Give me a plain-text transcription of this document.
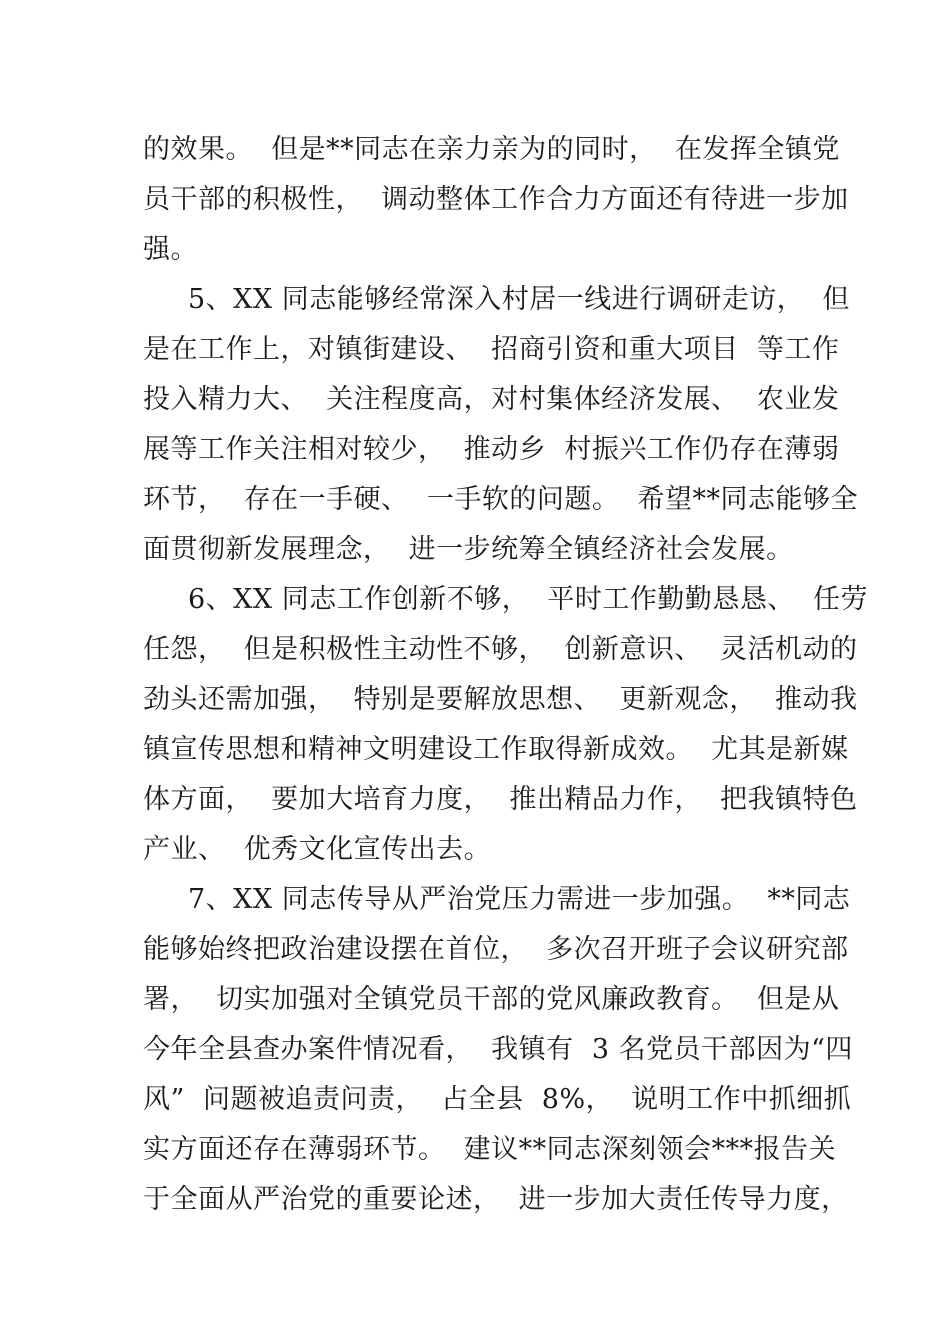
的效果。  但是**同志在亲力亲为的同时，  在发挥全镇党
员干部的积极性，  调动整体工作合力方面还有待进一步加
强。
5、XX 同志能够经常深入村居一线进行调研走访，  但
是在工作上，对镇街建设、  招商引资和重大项目  等工作
投入精力大、  关注程度高，对村集体经济发展、  农业发
展等工作关注相对较少，  推动乡  村振兴工作仍存在薄弱
环节，  存在一手硬、  一手软的问题。  希望**同志能够全
面贯彻新发展理念，  进一步统筹全镇经济社会发展。
6、XX 同志工作创新不够，  平时工作勤勤恳恳、  任劳
任怨，  但是积极性主动性不够，  创新意识、  灵活机动的
劲头还需加强，  特别是要解放思想、  更新观念，  推动我
镇宣传思想和精神文明建设工作取得新成效。  尤其是新媒
体方面，  要加大培育力度，  推出精品力作，  把我镇特色
产业、  优秀文化宣传出去。
7、XX 同志传导从严治党压力需进一步加强。  **同志
能够始终把政治建设摆在首位，  多次召开班子会议研究部
署，  切实加强对全镇党员干部的党风廉政教育。  但是从
今年全县查办案件情况看，  我镇有  3 名党员干部因为“四
风”  问题被追责问责，  占全县  8%，  说明工作中抓细抓
实方面还存在薄弱环节。  建议**同志深刻领会***报告关
于全面从严治党的重要论述，  进一步加大责任传导力度，
